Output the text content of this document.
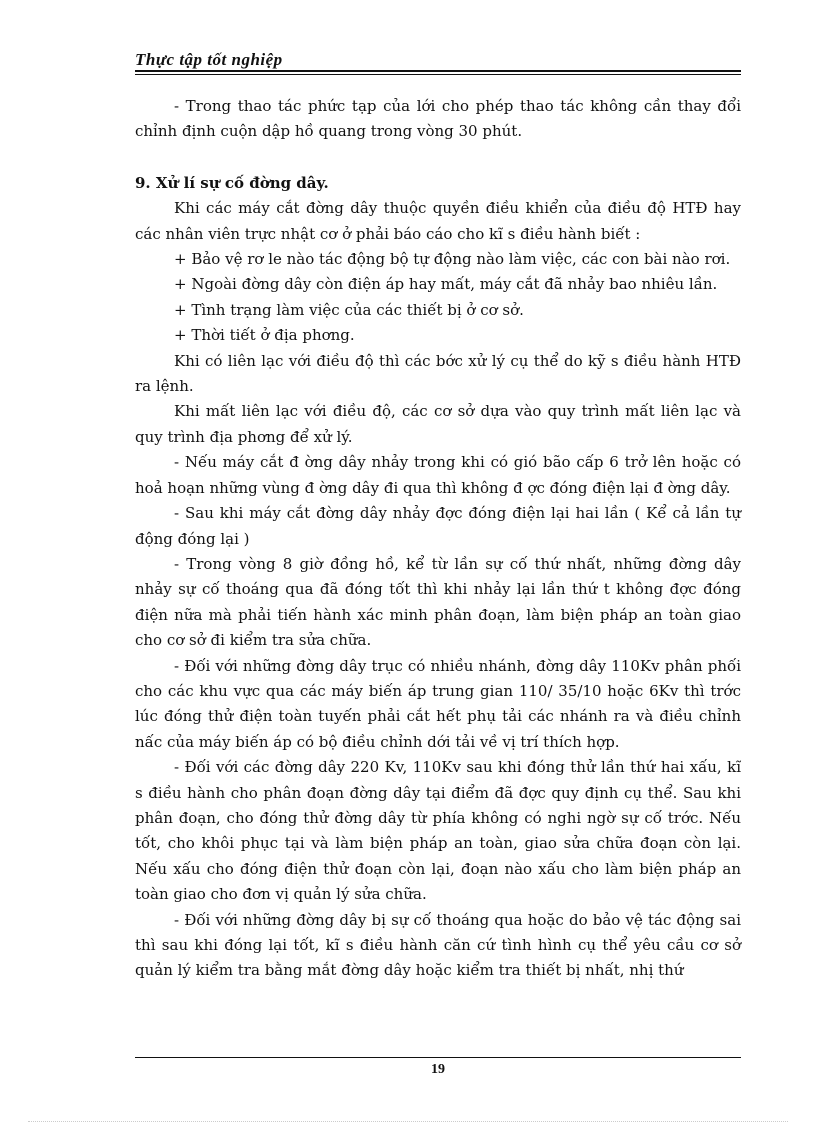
Thực tập tốt nghiệp

- Trong thao tác phức tạp của lới cho phép thao tác không cần thay đổi chỉnh định cuộn dập hồ quang trong vòng 30 phút.

9. Xử lí sự cố đờng dây.

Khi các máy cắt đờng dây thuộc quyền điều khiển của điều độ HTĐ hay các nhân viên trực nhật cơ ở phải báo cáo cho kĩ s điều hành biết :

+ Bảo vệ rơ le nào tác động bộ tự động nào làm việc, các con bài nào rơi.

+ Ngoài đờng dây còn điện áp hay mất, máy cắt đã nhảy bao nhiêu lần.

+ Tình trạng làm việc của các thiết bị ở cơ sở.

+ Thời tiết ở địa phơng.

Khi có liên lạc với điều độ thì các bớc xử lý cụ thể do kỹ s điều hành HTĐ ra lệnh.

Khi mất liên lạc với điều độ, các cơ sở dựa vào quy trình mất liên lạc và quy trình địa phơng để xử lý.

- Nếu máy cắt đ ờng dây nhảy trong khi có gió bão cấp 6 trở lên hoặc có hoả hoạn những vùng đ ờng dây đi qua thì không đ ợc đóng điện lại đ ờng dây.

- Sau khi máy cắt đờng dây nhảy đợc đóng điện lại hai lần ( Kể cả lần tự động đóng lại )

- Trong vòng 8 giờ đồng hồ, kể từ lần sự cố thứ nhất, những đờng dây nhảy sự cố thoáng qua đã đóng tốt thì khi nhảy lại lần thứ t không đợc đóng điện nữa mà phải tiến hành xác minh phân đoạn, làm biện pháp an toàn giao cho cơ sở đi kiểm tra sửa chữa.

- Đối với những đờng dây trục có nhiều nhánh, đờng dây 110Kv phân phối cho các khu vực qua các máy biến áp trung gian 110/ 35/10 hoặc 6Kv thì trớc lúc đóng thử điện toàn tuyến phải cắt hết phụ tải các nhánh ra và điều chỉnh nấc của máy biến áp có bộ điều chỉnh dới tải về vị trí thích hợp.

- Đối với các đờng dây 220 Kv, 110Kv sau khi đóng thử lần thứ hai xấu, kĩ s điều hành cho phân đoạn đờng dây tại điểm đã đợc quy định cụ thể. Sau khi phân đoạn, cho đóng thử đờng dây từ phía không có nghi ngờ sự cố trớc. Nếu tốt, cho khôi phục tại và làm biện pháp an toàn, giao sửa chữa đoạn còn lại. Nếu xấu cho đóng điện thử đoạn còn lại, đoạn nào xấu cho làm biện pháp an toàn giao cho đơn vị quản lý sửa chữa.

- Đối với những đờng dây bị sự cố thoáng qua hoặc do bảo vệ tác động sai thì sau khi đóng lại tốt, kĩ s điều hành căn cứ tình hình cụ thể yêu cầu cơ sở quản lý kiểm tra bằng mắt đờng dây hoặc kiểm tra thiết bị nhất, nhị thứ

19
